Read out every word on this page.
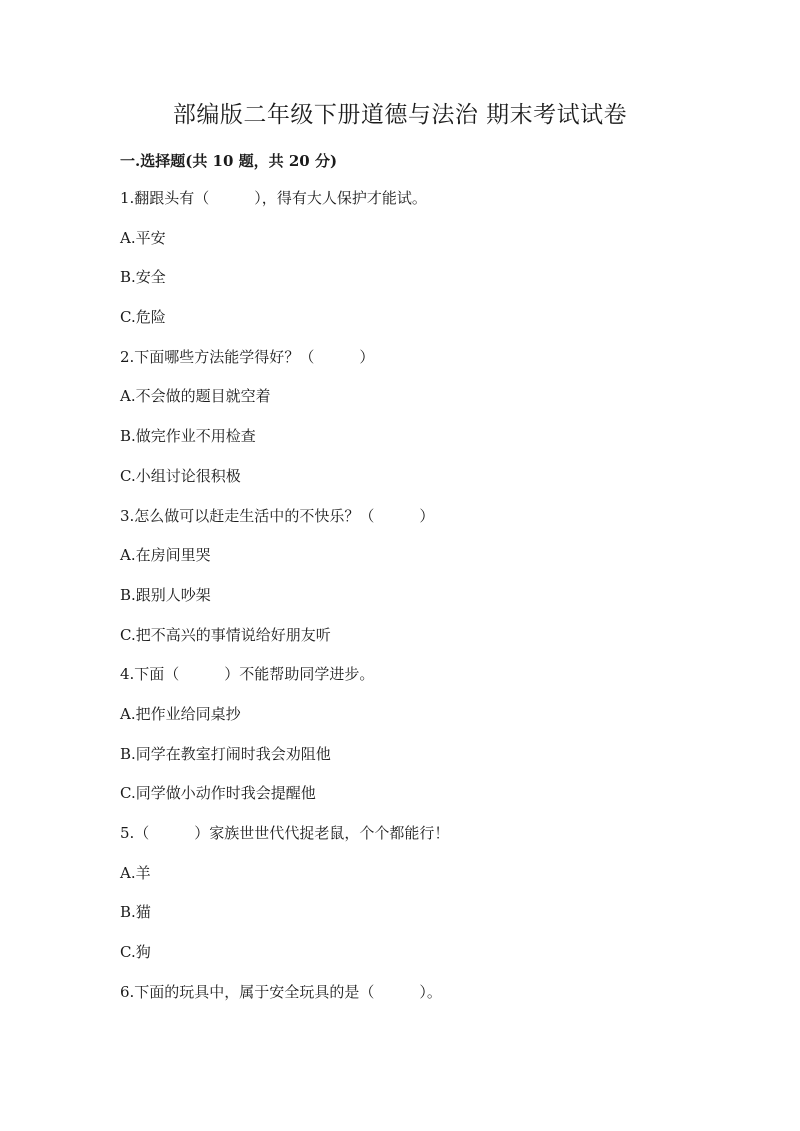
部编版二年级下册道德与法治 期末考试试卷
一.选择题(共 10 题，共 20 分)
1.翻跟头有（　　　），得有大人保护才能试。
A.平安
B.安全
C.危险
2.下面哪些方法能学得好？（　　　）
A.不会做的题目就空着
B.做完作业不用检查
C.小组讨论很积极
3.怎么做可以赶走生活中的不快乐？（　　　）
A.在房间里哭
B.跟别人吵架
C.把不高兴的事情说给好朋友听
4.下面（　　　）不能帮助同学进步。
A.把作业给同桌抄
B.同学在教室打闹时我会劝阻他
C.同学做小动作时我会提醒他
5.（　　　）家族世世代代捉老鼠，个个都能行！
A.羊
B.猫
C.狗
6.下面的玩具中，属于安全玩具的是（　　　）。
